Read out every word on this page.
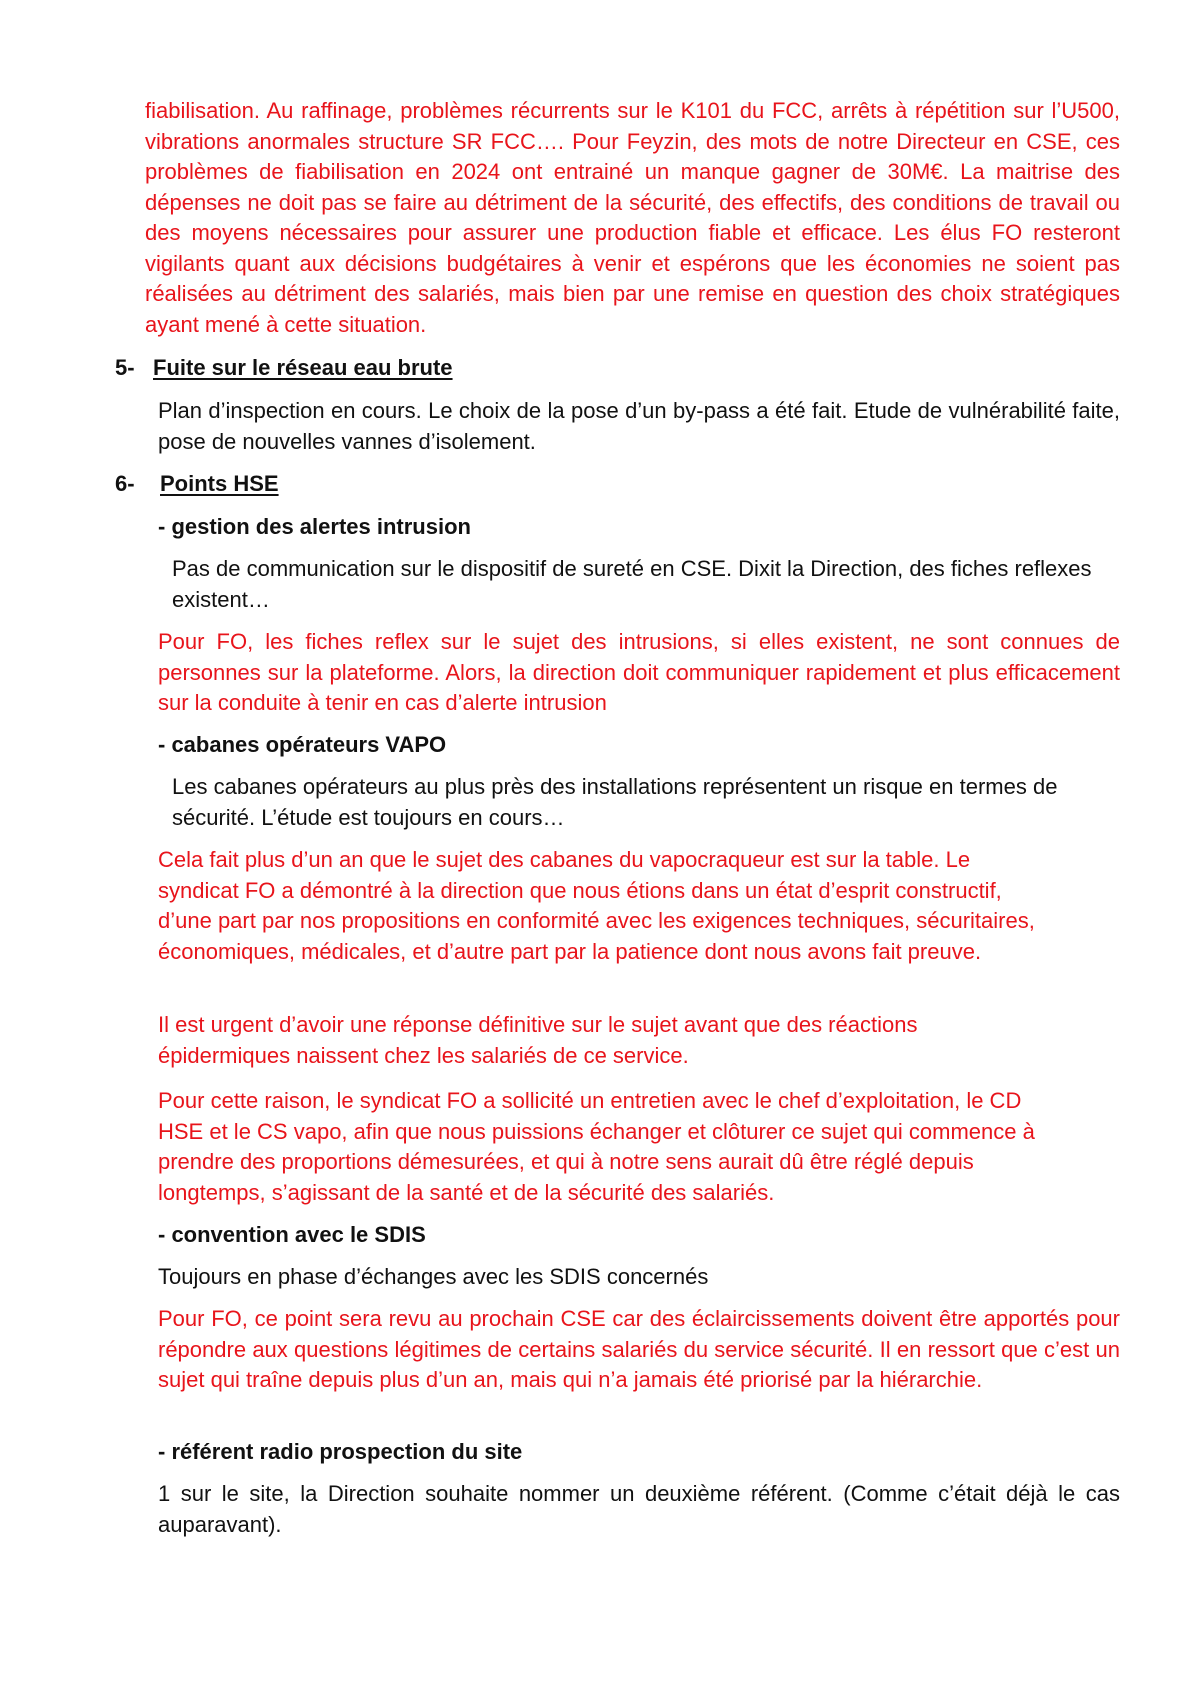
fiabilisation. Au raffinage, problèmes récurrents sur le K101 du FCC, arrêts à répétition sur l’U500, vibrations anormales structure SR FCC…. Pour Feyzin, des mots de notre Directeur en CSE, ces problèmes de fiabilisation en 2024 ont entrainé un manque gagner de 30M€. La maitrise des dépenses ne doit pas se faire au détriment de la sécurité, des effectifs, des conditions de travail ou des moyens nécessaires pour assurer une production fiable et efficace. Les élus FO resteront vigilants quant aux décisions budgétaires à venir et espérons que les économies ne soient pas réalisées au détriment des salariés, mais bien par une remise en question des choix stratégiques ayant mené à cette situation.

5- Fuite sur le réseau eau brute

Plan d’inspection en cours. Le choix de la pose d’un by-pass a été fait. Etude de vulnérabilité faite, pose de nouvelles vannes d’isolement.

6- Points HSE

- gestion des alertes intrusion

Pas de communication sur le dispositif de sureté en CSE. Dixit la Direction, des fiches reflexes existent…

Pour FO, les fiches reflex sur le sujet des intrusions, si elles existent, ne sont connues de personnes sur la plateforme. Alors, la direction doit communiquer rapidement et plus efficacement sur la conduite à tenir en cas d’alerte intrusion

- cabanes opérateurs VAPO

Les cabanes opérateurs au plus près des installations représentent un risque en termes de sécurité. L’étude est toujours en cours…

Cela fait plus d’un an que le sujet des cabanes du vapocraqueur est sur la table. Le syndicat FO a démontré à la direction que nous étions dans un état d’esprit constructif, d’une part par nos propositions en conformité avec les exigences techniques, sécuritaires, économiques, médicales, et d’autre part par la patience dont nous avons fait preuve.

Il est urgent d’avoir une réponse définitive sur le sujet avant que des réactions épidermiques naissent chez les salariés de ce service.

Pour cette raison, le syndicat FO a sollicité un entretien avec le chef d’exploitation, le CD HSE et le CS vapo, afin que nous puissions échanger et clôturer ce sujet qui commence à prendre des proportions démesurées, et qui à notre sens aurait dû être réglé depuis longtemps, s’agissant de la santé et de la sécurité des salariés.

- convention avec le SDIS

Toujours en phase d’échanges avec les SDIS concernés

Pour FO, ce point sera revu au prochain CSE car des éclaircissements doivent être apportés pour répondre aux questions légitimes de certains salariés du service sécurité. Il en ressort que c’est un sujet qui traîne depuis plus d’un an, mais qui n’a jamais été priorisé par la hiérarchie.

- référent radio prospection du site

1 sur le site, la Direction souhaite nommer un deuxième référent. (Comme c’était déjà le cas auparavant).
